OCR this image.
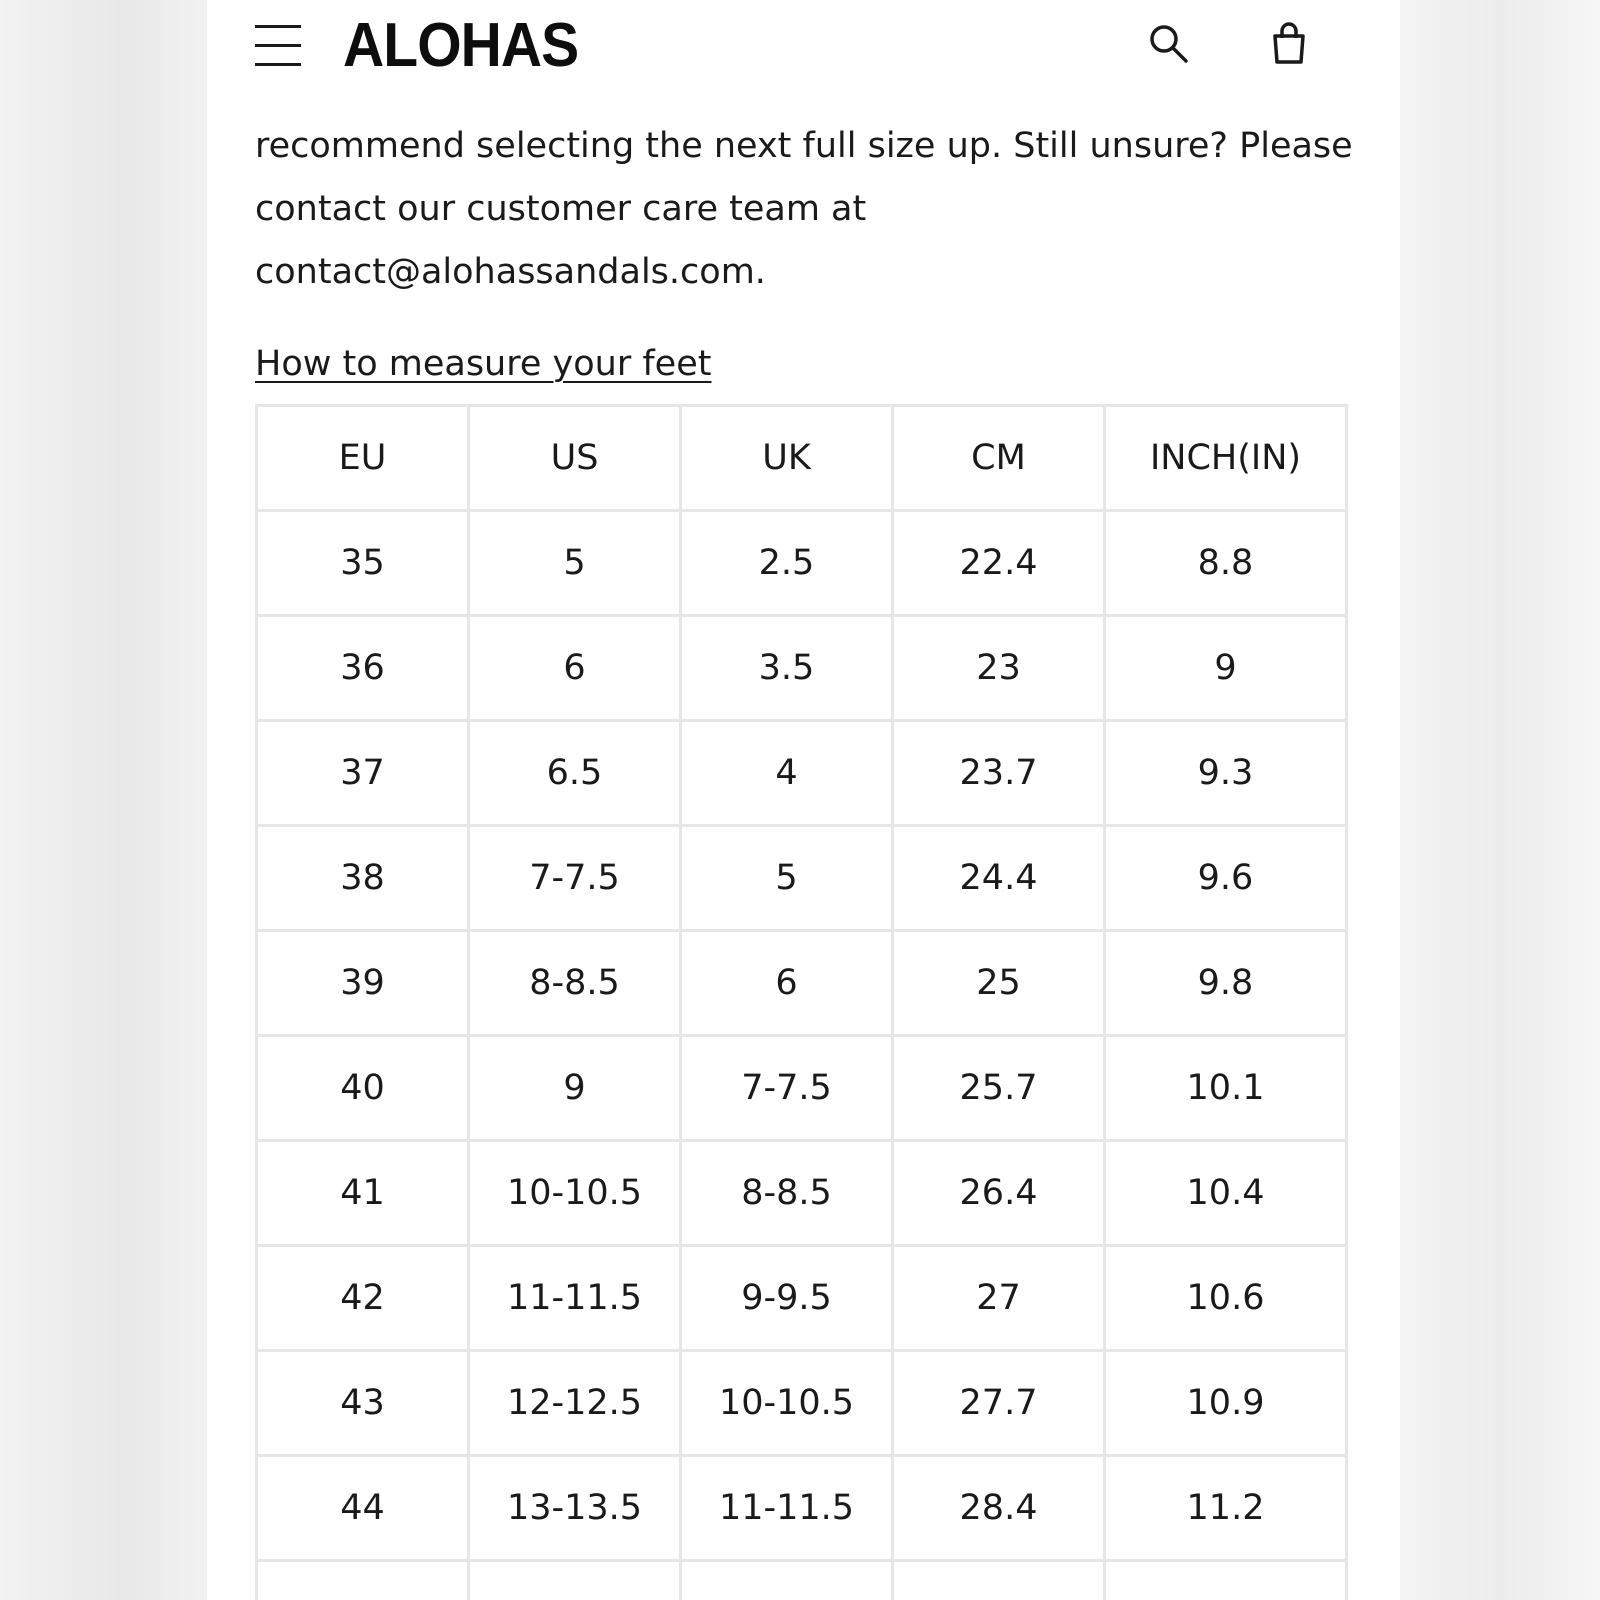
ALOHAS

recommend selecting the next full size up. Still unsure? Please
contact our customer care team at
contact@alohassandals.com.

How to measure your feet
EU	US	UK	CM	INCH(IN)
35	5	2.5	22.4	8.8
36	6	3.5	23	9
37	6.5	4	23.7	9.3
38	7-7.5	5	24.4	9.6
39	8-8.5	6	25	9.8
40	9	7-7.5	25.7	10.1
41	10-10.5	8-8.5	26.4	10.4
42	11-11.5	9-9.5	27	10.6
43	12-12.5	10-10.5	27.7	10.9
44	13-13.5	11-11.5	28.4	11.2
